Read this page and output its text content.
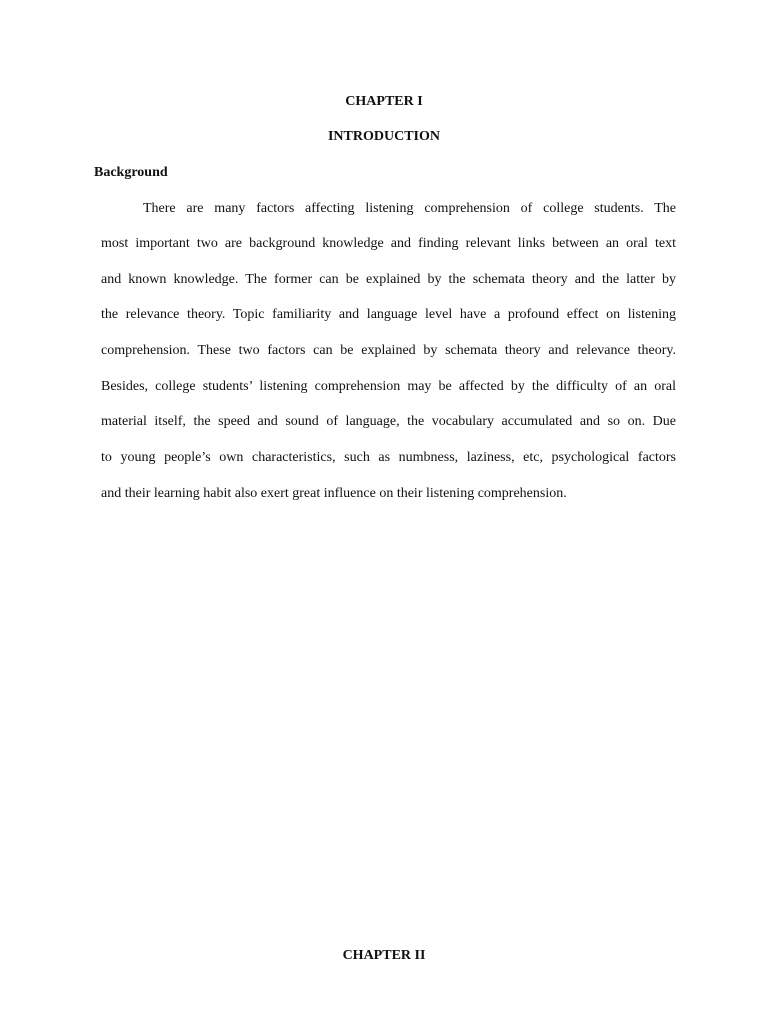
CHAPTER I
INTRODUCTION
Background
There are many factors affecting listening comprehension of college students. The
most important two are background knowledge and finding relevant links between an oral text
and known knowledge. The former can be explained by the schemata theory and the latter by
the relevance theory. Topic familiarity and language level have a profound effect on listening
comprehension. These two factors can be explained by schemata theory and relevance theory.
Besides, college students’ listening comprehension may be affected by the difficulty of an oral
material itself, the speed and sound of language, the vocabulary accumulated and so on. Due
to young people’s own characteristics, such as numbness, laziness, etc, psychological factors
and their learning habit also exert great influence on their listening comprehension.
CHAPTER II
